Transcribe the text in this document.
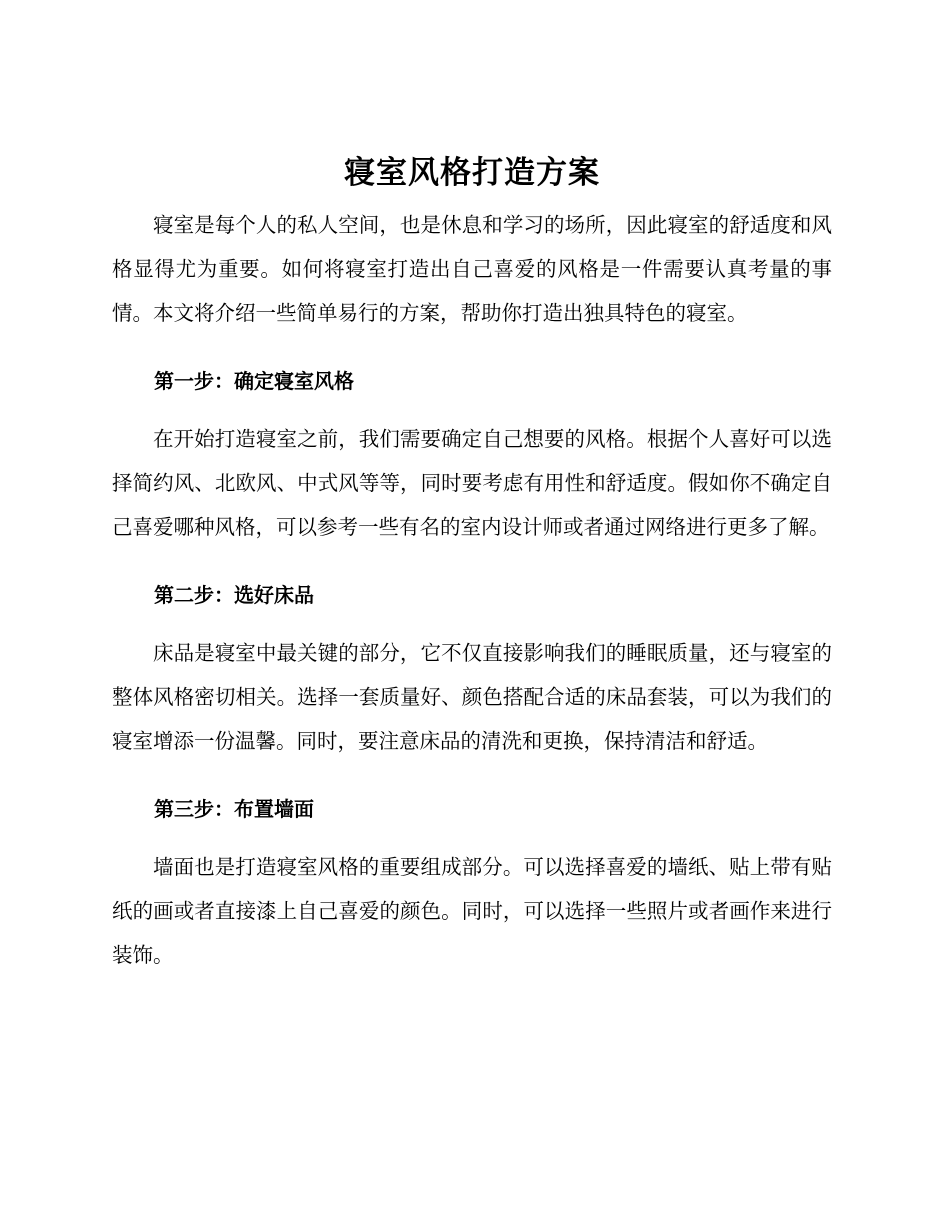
寝室风格打造方案

寝室是每个人的私人空间，也是休息和学习的场所，因此寝室的舒适度和风格显得尤为重要。如何将寝室打造出自己喜爱的风格是一件需要认真考量的事情。本文将介绍一些简单易行的方案，帮助你打造出独具特色的寝室。

第一步：确定寝室风格

在开始打造寝室之前，我们需要确定自己想要的风格。根据个人喜好可以选择简约风、北欧风、中式风等等，同时要考虑有用性和舒适度。假如你不确定自己喜爱哪种风格，可以参考一些有名的室内设计师或者通过网络进行更多了解。

第二步：选好床品

床品是寝室中最关键的部分，它不仅直接影响我们的睡眠质量，还与寝室的整体风格密切相关。选择一套质量好、颜色搭配合适的床品套装，可以为我们的寝室增添一份温馨。同时，要注意床品的清洗和更换，保持清洁和舒适。

第三步：布置墙面

墙面也是打造寝室风格的重要组成部分。可以选择喜爱的墙纸、贴上带有贴纸的画或者直接漆上自己喜爱的颜色。同时，可以选择一些照片或者画作来进行装饰。
